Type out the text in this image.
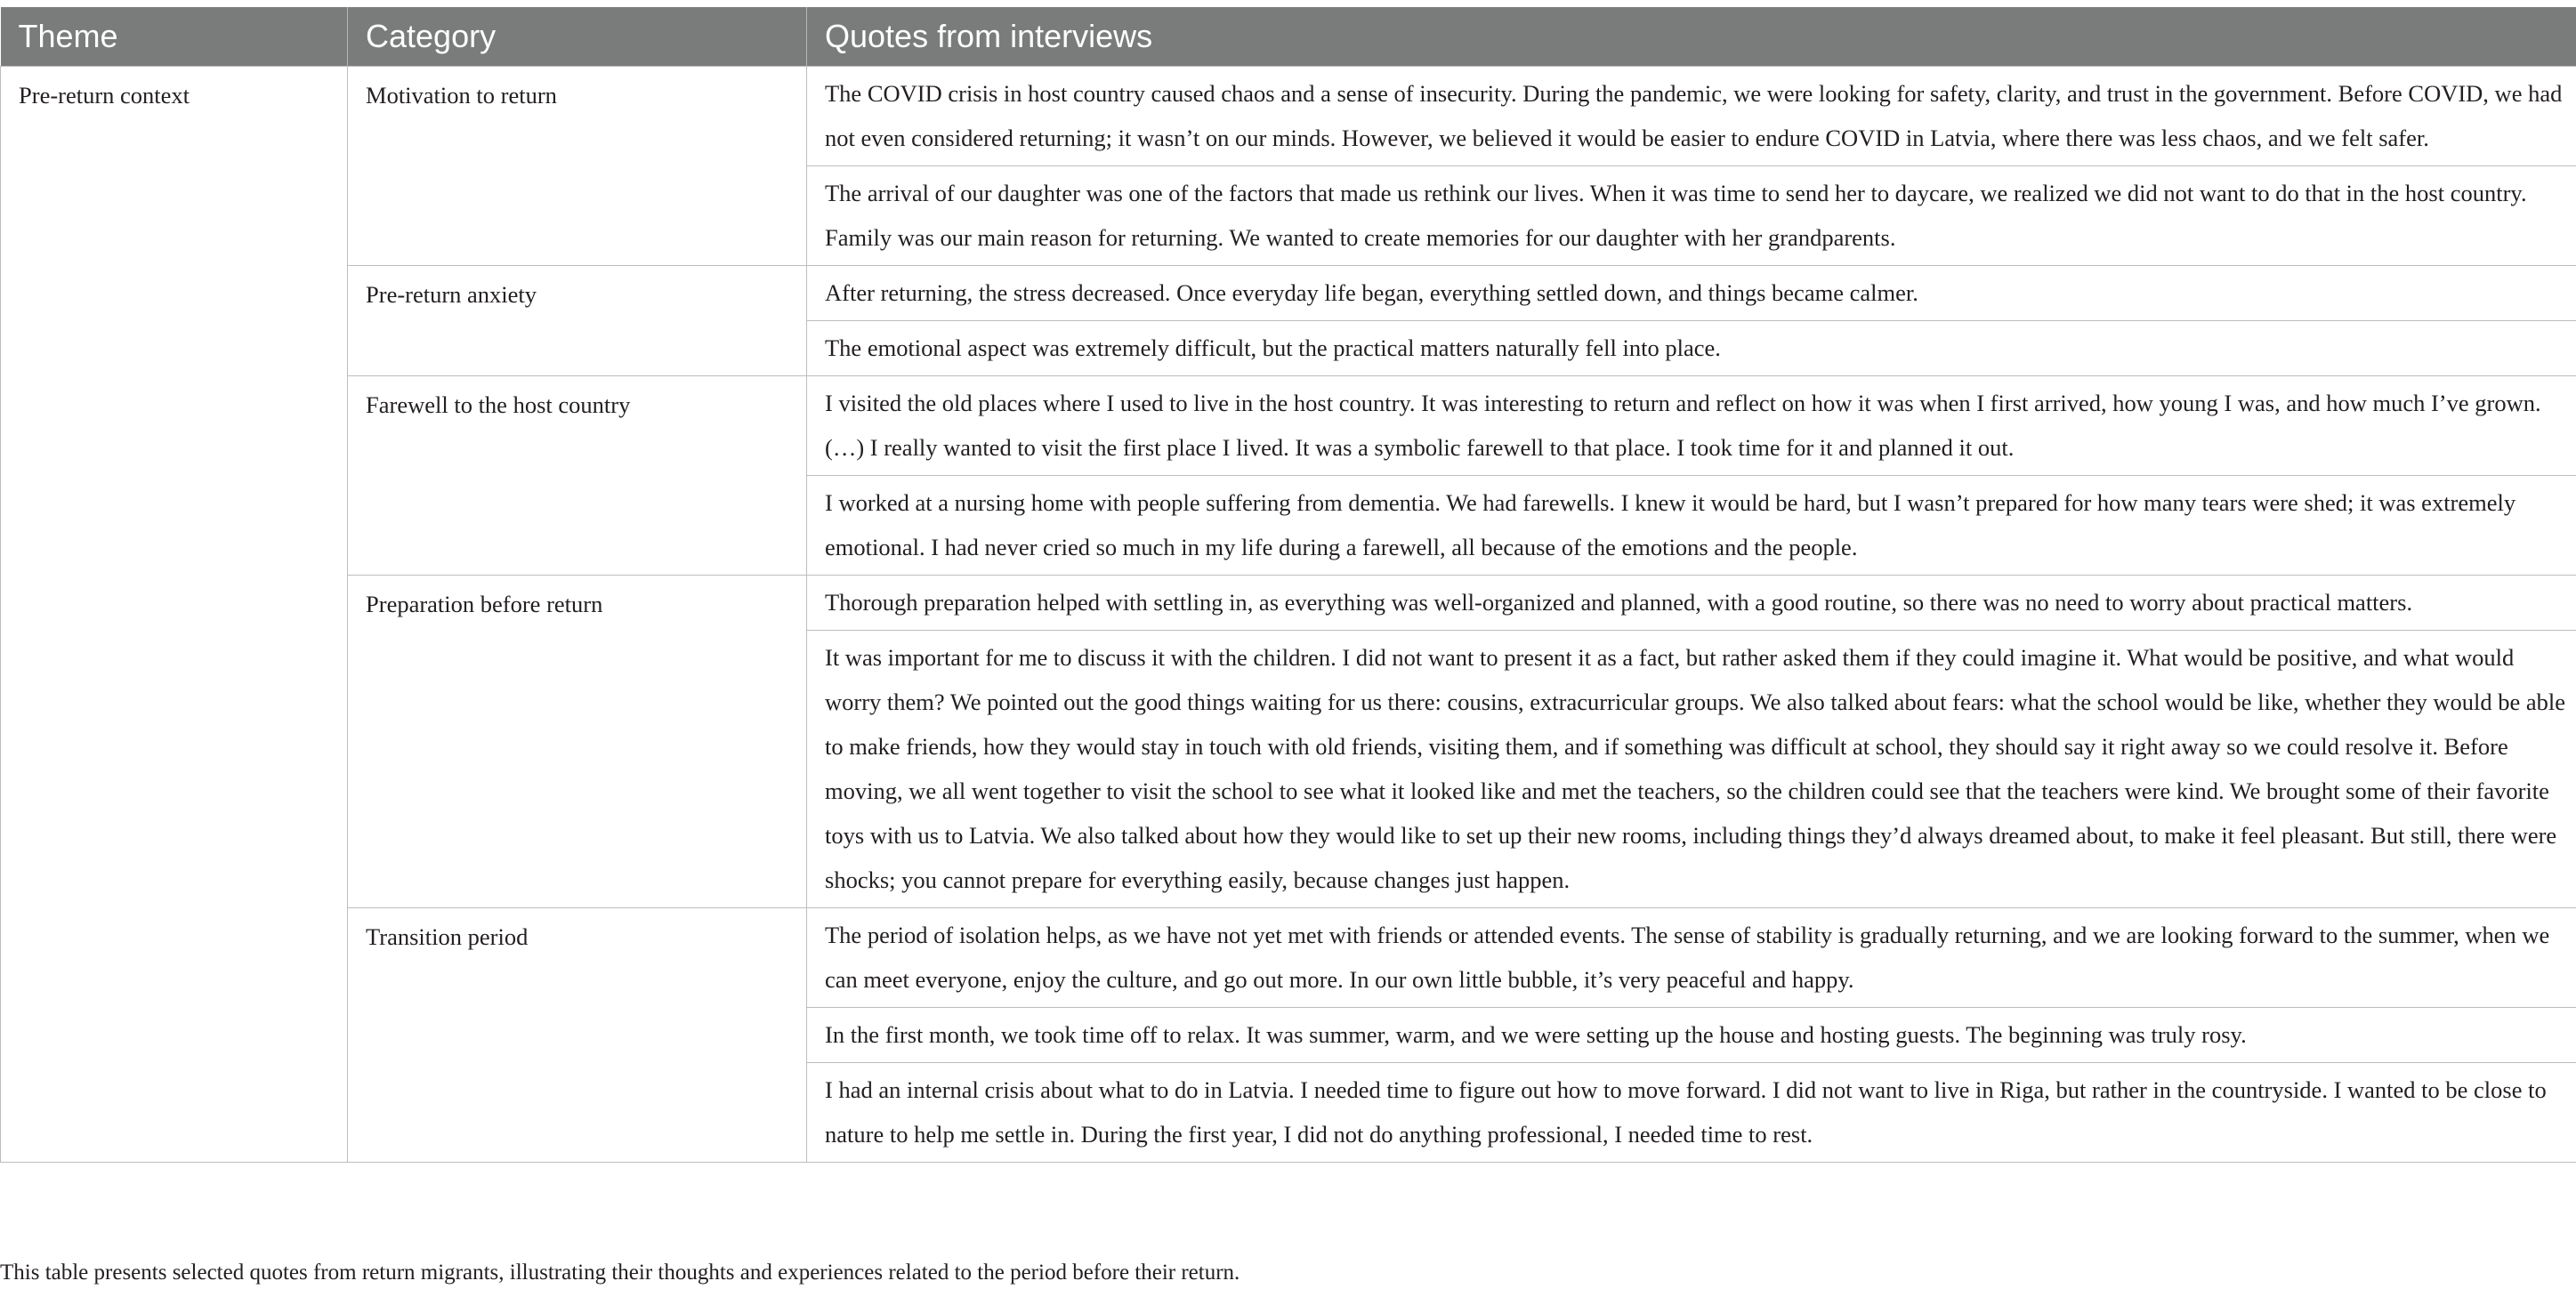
Theme	Category	Quotes from interviews
Pre-return context	Motivation to return	The COVID crisis in host country caused chaos and a sense of insecurity. During the pandemic, we were looking for safety, clarity, and trust in the government. Before COVID, we had not even considered returning; it wasn’t on our minds. However, we believed it would be easier to endure COVID in Latvia, where there was less chaos, and we felt safer.
		The arrival of our daughter was one of the factors that made us rethink our lives. When it was time to send her to daycare, we realized we did not want to do that in the host country. Family was our main reason for returning. We wanted to create memories for our daughter with her grandparents.
	Pre-return anxiety	After returning, the stress decreased. Once everyday life began, everything settled down, and things became calmer.
		The emotional aspect was extremely difficult, but the practical matters naturally fell into place.
	Farewell to the host country	I visited the old places where I used to live in the host country. It was interesting to return and reflect on how it was when I first arrived, how young I was, and how much I’ve grown. (…) I really wanted to visit the first place I lived. It was a symbolic farewell to that place. I took time for it and planned it out.
		I worked at a nursing home with people suffering from dementia. We had farewells. I knew it would be hard, but I wasn’t prepared for how many tears were shed; it was extremely emotional. I had never cried so much in my life during a farewell, all because of the emotions and the people.
	Preparation before return	Thorough preparation helped with settling in, as everything was well-organized and planned, with a good routine, so there was no need to worry about practical matters.
		It was important for me to discuss it with the children. I did not want to present it as a fact, but rather asked them if they could imagine it. What would be positive, and what would worry them? We pointed out the good things waiting for us there: cousins, extracurricular groups. We also talked about fears: what the school would be like, whether they would be able to make friends, how they would stay in touch with old friends, visiting them, and if something was difficult at school, they should say it right away so we could resolve it. Before moving, we all went together to visit the school to see what it looked like and met the teachers, so the children could see that the teachers were kind. We brought some of their favorite toys with us to Latvia. We also talked about how they would like to set up their new rooms, including things they’d always dreamed about, to make it feel pleasant. But still, there were shocks; you cannot prepare for everything easily, because changes just happen.
	Transition period	The period of isolation helps, as we have not yet met with friends or attended events. The sense of stability is gradually returning, and we are looking forward to the summer, when we can meet everyone, enjoy the culture, and go out more. In our own little bubble, it’s very peaceful and happy.
		In the first month, we took time off to relax. It was summer, warm, and we were setting up the house and hosting guests. The beginning was truly rosy.
		I had an internal crisis about what to do in Latvia. I needed time to figure out how to move forward. I did not want to live in Riga, but rather in the countryside. I wanted to be close to nature to help me settle in. During the first year, I did not do anything professional, I needed time to rest.
This table presents selected quotes from return migrants, illustrating their thoughts and experiences related to the period before their return.
